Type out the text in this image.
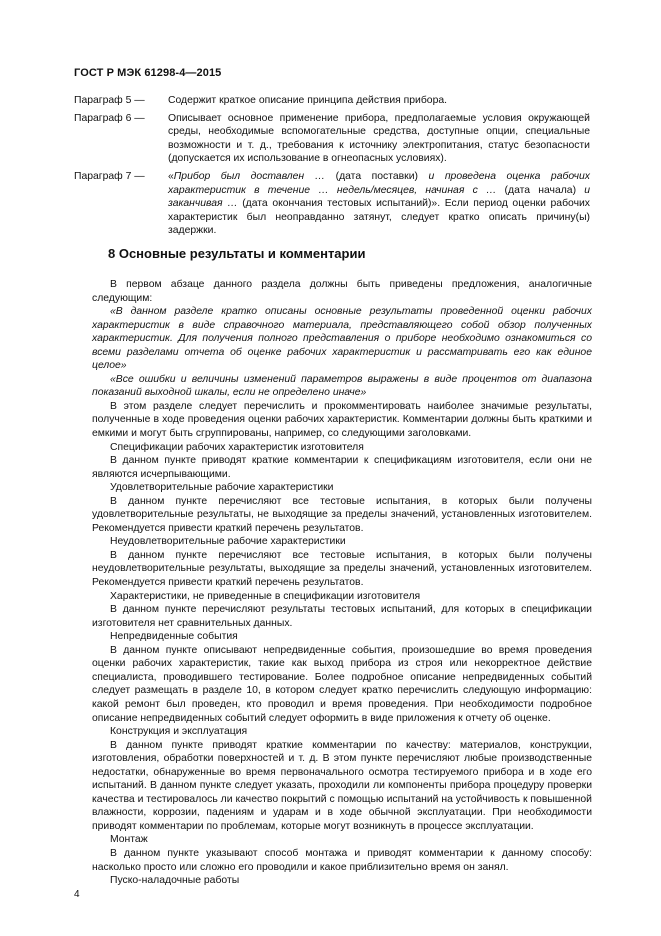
ГОСТ Р МЭК 61298-4—2015
Параграф 5 —	Содержит краткое описание принципа действия прибора.
Параграф 6 —	Описывает основное применение прибора, предполагаемые условия окружающей среды, необходимые вспомогательные средства, доступные опции, специальные возможности и т. д., требования к источнику электропитания, статус безопасности (допускается их использование в огнеопасных условиях).
Параграф 7 —	«Прибор был доставлен … (дата поставки) и проведена оценка рабочих характеристик в течение … недель/месяцев, начиная с … (дата начала) и заканчивая … (дата окончания тестовых испытаний)». Если период оценки рабочих характеристик был неоправданно затянут, следует кратко описать причину(ы) задержки.
8 Основные результаты и комментарии

В первом абзаце данного раздела должны быть приведены предложения, аналогичные следующим:

«В данном разделе кратко описаны основные результаты проведенной оценки рабочих характеристик в виде справочного материала, представляющего собой обзор полученных характеристик. Для получения полного представления о приборе необходимо ознакомиться со всеми разделами отчета об оценке рабочих характеристик и рассматривать его как единое целое»

«Все ошибки и величины изменений параметров выражены в виде процентов от диапазона показаний выходной шкалы, если не определено иначе»

В этом разделе следует перечислить и прокомментировать наиболее значимые результаты, полученные в ходе проведения оценки рабочих характеристик. Комментарии должны быть краткими и емкими и могут быть сгруппированы, например, со следующими заголовками.

Спецификации рабочих характеристик изготовителя

В данном пункте приводят краткие комментарии к спецификациям изготовителя, если они не являются исчерпывающими.

Удовлетворительные рабочие характеристики

В данном пункте перечисляют все тестовые испытания, в которых были получены удовлетворительные результаты, не выходящие за пределы значений, установленных изготовителем. Рекомендуется привести краткий перечень результатов.

Неудовлетворительные рабочие характеристики

В данном пункте перечисляют все тестовые испытания, в которых были получены неудовлетворительные результаты, выходящие за пределы значений, установленных изготовителем. Рекомендуется привести краткий перечень результатов.

Характеристики, не приведенные в спецификации изготовителя

В данном пункте перечисляют результаты тестовых испытаний, для которых в спецификации изготовителя нет сравнительных данных.

Непредвиденные события

В данном пункте описывают непредвиденные события, произошедшие во время проведения оценки рабочих характеристик, такие как выход прибора из строя или некорректное действие специалиста, проводившего тестирование. Более подробное описание непредвиденных событий следует размещать в разделе 10, в котором следует кратко перечислить следующую информацию: какой ремонт был проведен, кто проводил и время проведения. При необходимости подробное описание непредвиденных событий следует оформить в виде приложения к отчету об оценке.

Конструкция и эксплуатация

В данном пункте приводят краткие комментарии по качеству: материалов, конструкции, изготовления, обработки поверхностей и т. д. В этом пункте перечисляют любые производственные недостатки, обнаруженные во время первоначального осмотра тестируемого прибора и в ходе его испытаний. В данном пункте следует указать, проходили ли компоненты прибора процедуру проверки качества и тестировалось ли качество покрытий с помощью испытаний на устойчивость к повышенной влажности, коррозии, падениям и ударам и в ходе обычной эксплуатации. При необходимости приводят комментарии по проблемам, которые могут возникнуть в процессе эксплуатации.

Монтаж

В данном пункте указывают способ монтажа и приводят комментарии к данному способу: насколько просто или сложно его проводили и какое приблизительно время он занял.

Пуско-наладочные работы

4
